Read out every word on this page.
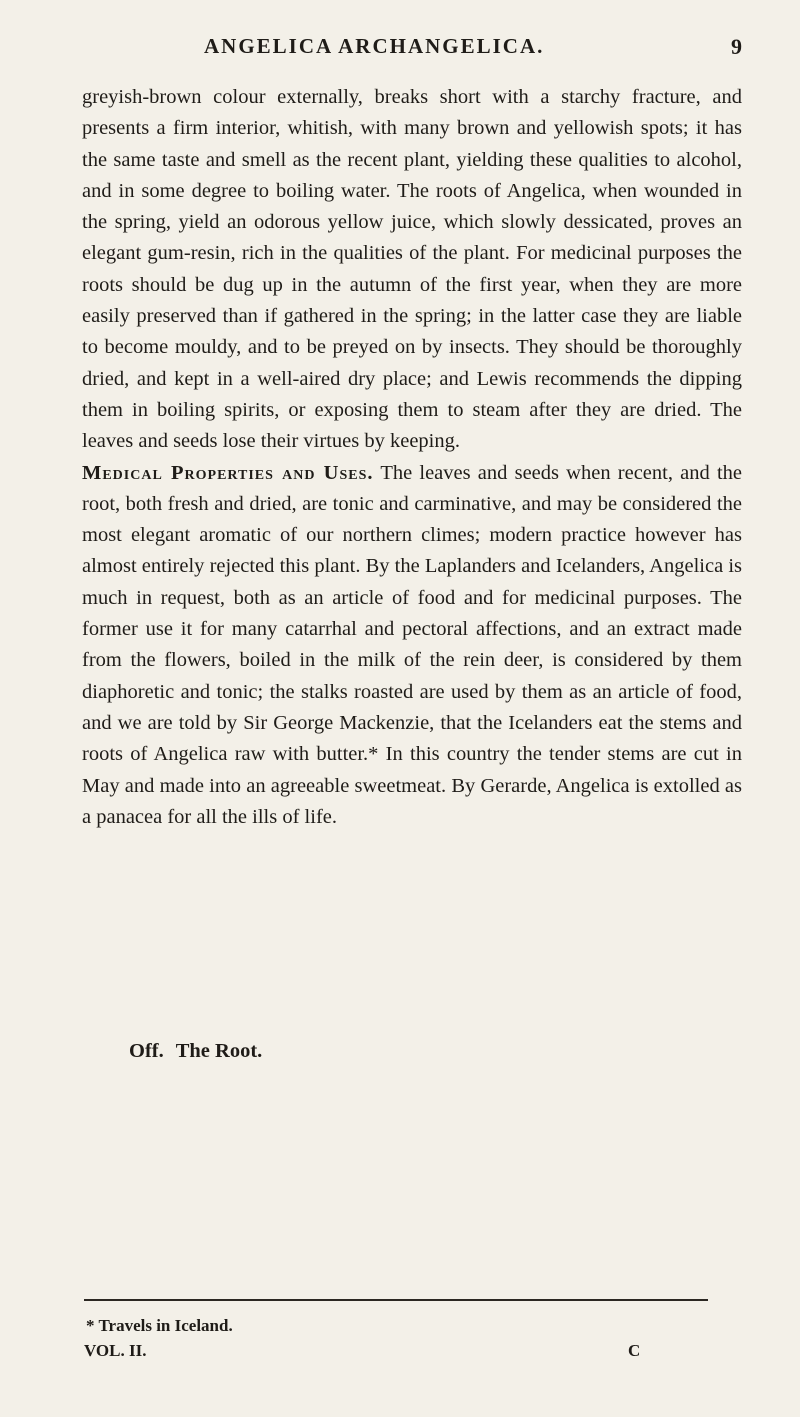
ANGELICA ARCHANGELICA.	9

greyish-brown colour externally, breaks short with a starchy fracture, and presents a firm interior, whitish, with many brown and yellowish spots; it has the same taste and smell as the recent plant, yielding these qualities to alcohol, and in some degree to boiling water. The roots of Angelica, when wounded in the spring, yield an odorous yellow juice, which slowly dessicated, proves an elegant gum-resin, rich in the qualities of the plant. For medicinal purposes the roots should be dug up in the autumn of the first year, when they are more easily preserved than if gathered in the spring; in the latter case they are liable to become mouldy, and to be preyed on by insects. They should be thoroughly dried, and kept in a well-aired dry place; and Lewis recommends the dipping them in boiling spirits, or exposing them to steam after they are dried. The leaves and seeds lose their virtues by keeping.

Medical Properties and Uses. The leaves and seeds when recent, and the root, both fresh and dried, are tonic and carminative, and may be considered the most elegant aromatic of our northern climes; modern practice however has almost entirely rejected this plant. By the Laplanders and Icelanders, Angelica is much in request, both as an article of food and for medicinal purposes. The former use it for many catarrhal and pectoral affections, and an extract made from the flowers, boiled in the milk of the rein deer, is considered by them diaphoretic and tonic; the stalks roasted are used by them as an article of food, and we are told by Sir George Mackenzie, that the Icelanders eat the stems and roots of Angelica raw with butter.* In this country the tender stems are cut in May and made into an agreeable sweetmeat. By Gerarde, Angelica is extolled as a panacea for all the ills of life.

Off. The Root.
* Travels in Iceland.
VOL. II.	C
